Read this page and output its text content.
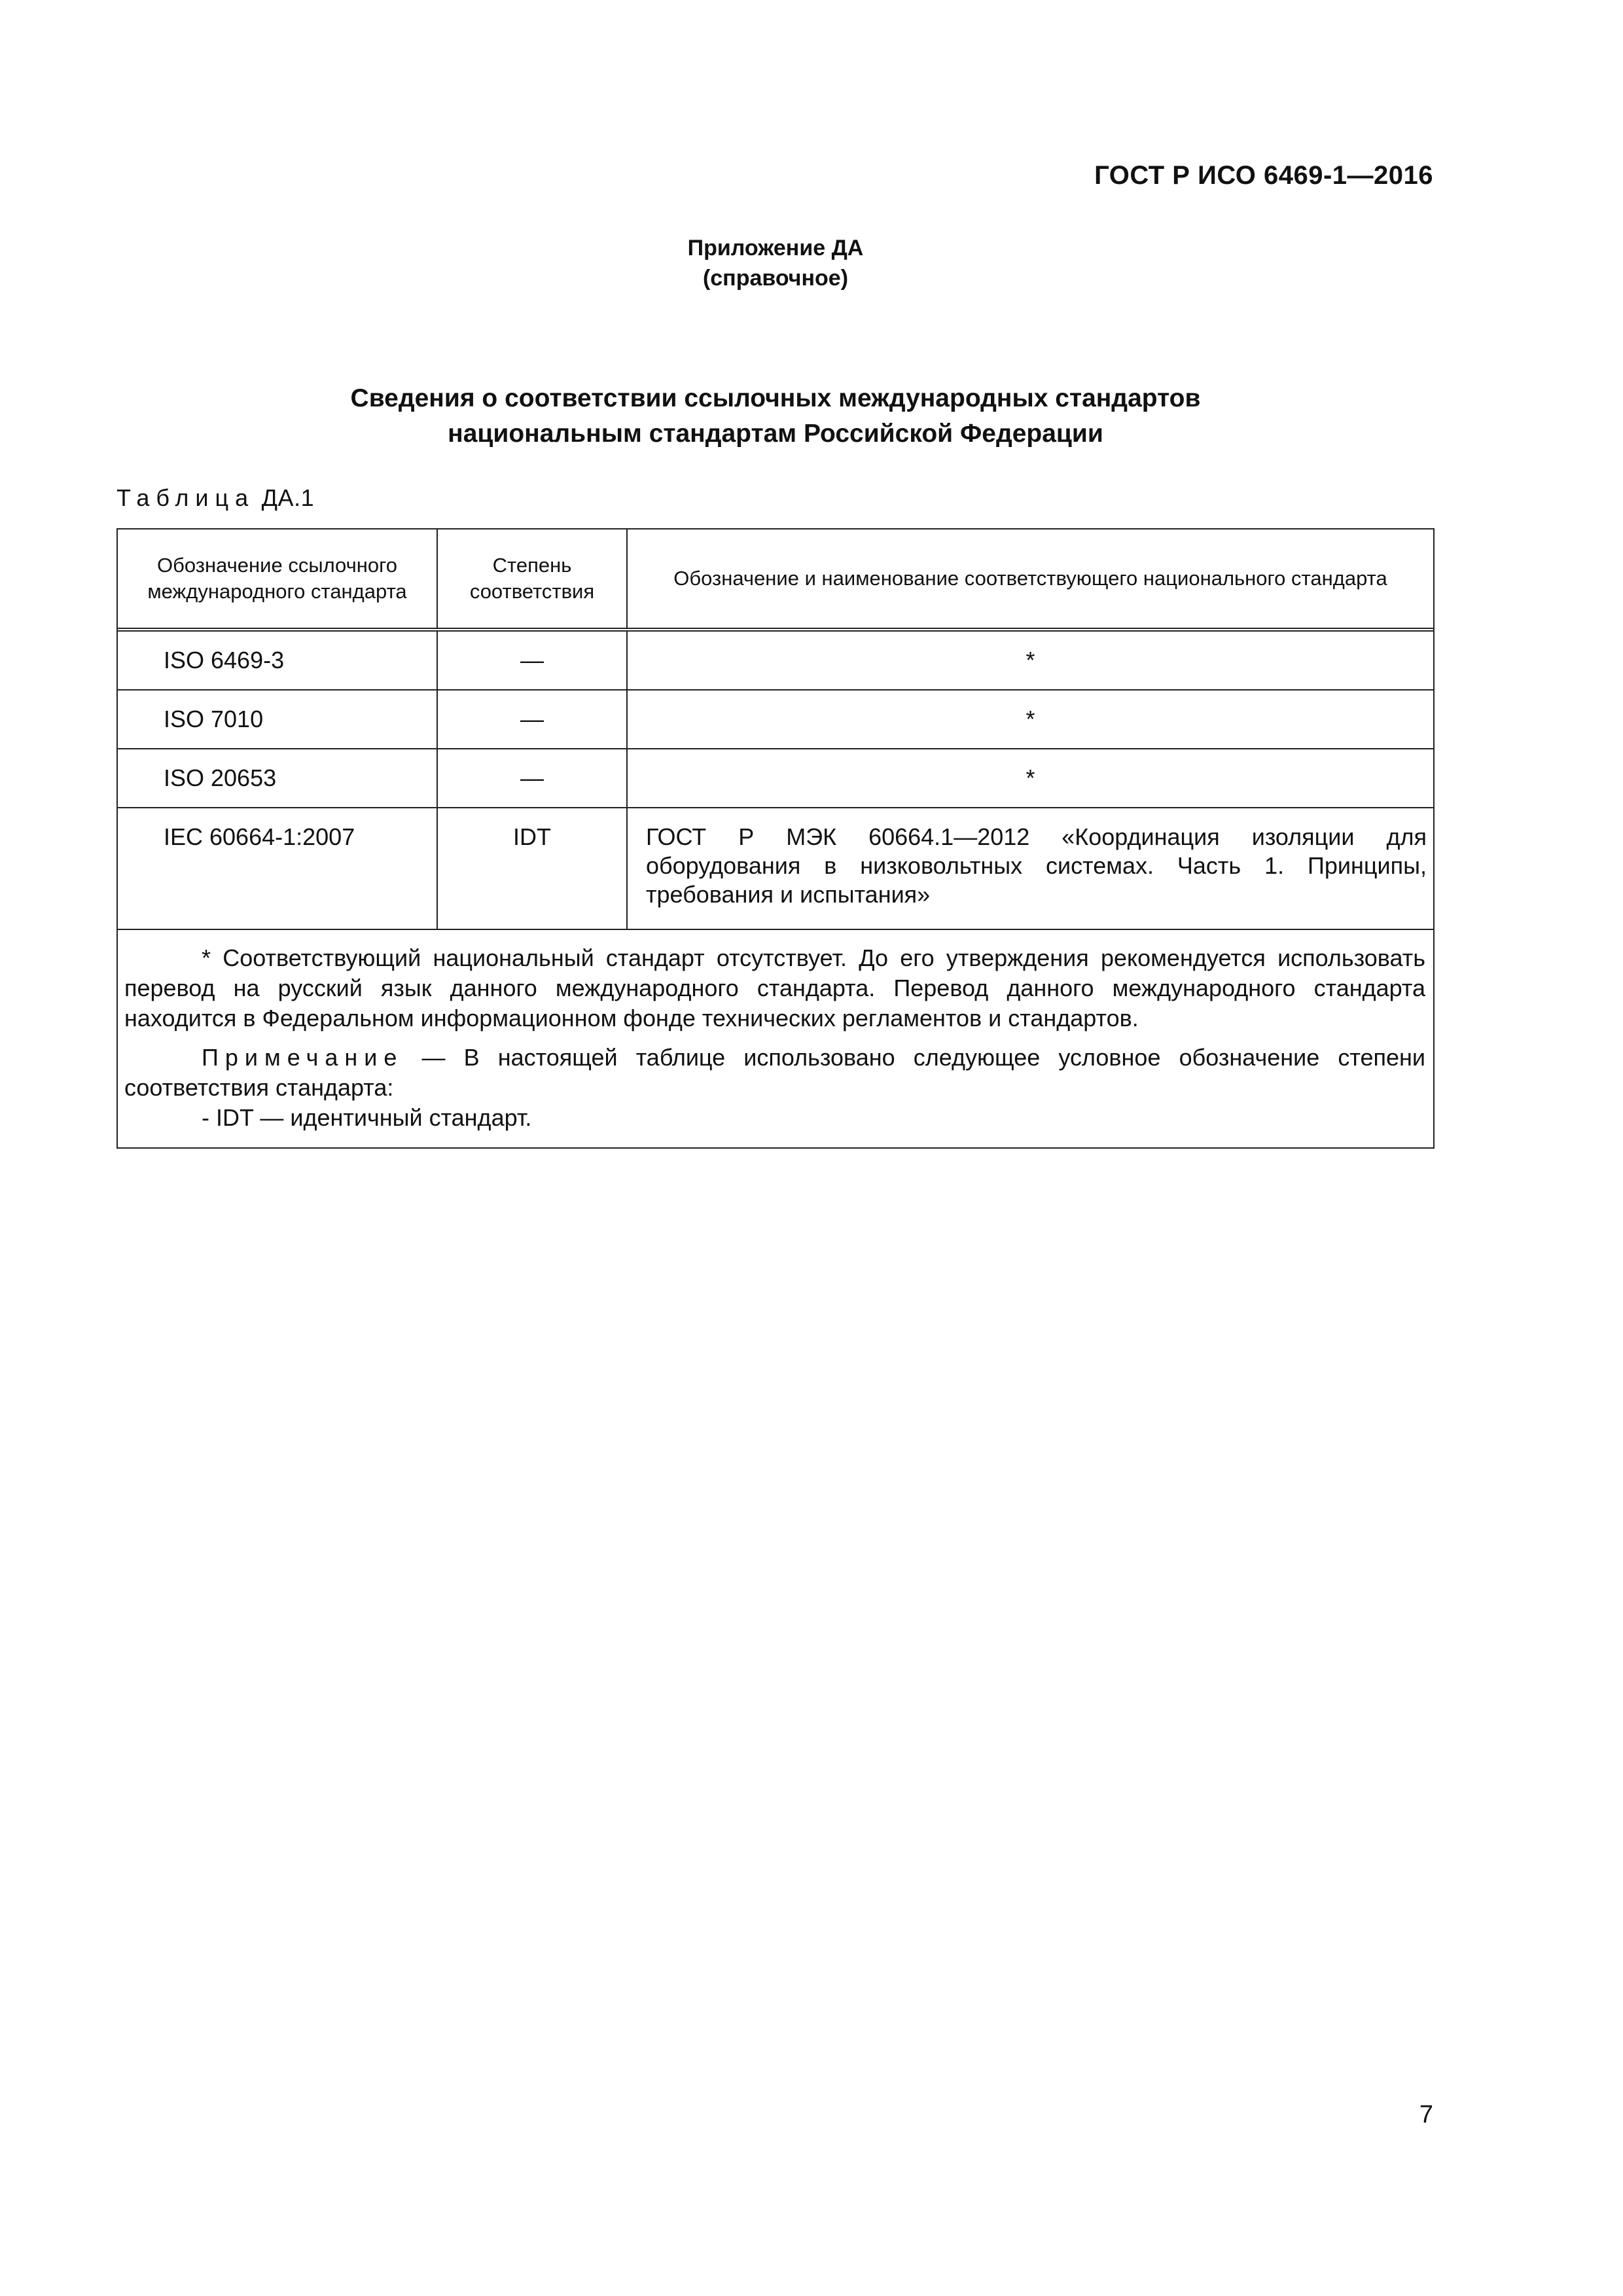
ГОСТ Р ИСО 6469-1—2016
Приложение ДА
(справочное)
Сведения о соответствии ссылочных международных стандартов
национальным стандартам Российской Федерации
Таблица ДА.1
Обозначение ссылочного международного стандарта	Степень соответствия	Обозначение и наименование соответствующего национального стандарта
ISO 6469-3	—	*
ISO 7010	—	*
ISO 20653	—	*
IEC 60664-1:2007	IDT	ГОСТ Р МЭК 60664.1—2012 «Координация изоляции для оборудования в низковольтных системах. Часть 1. Принципы, требования и испытания»

* Соответствующий национальный стандарт отсутствует. До его утверждения рекомендуется использовать перевод на русский язык данного международного стандарта. Перевод данного международного стандарта находится в Федеральном информационном фонде технических регламентов и стандартов.

Примечание — В настоящей таблице использовано следующее условное обозначение степени соответствия стандарта:

- IDT — идентичный стандарт.		

7
